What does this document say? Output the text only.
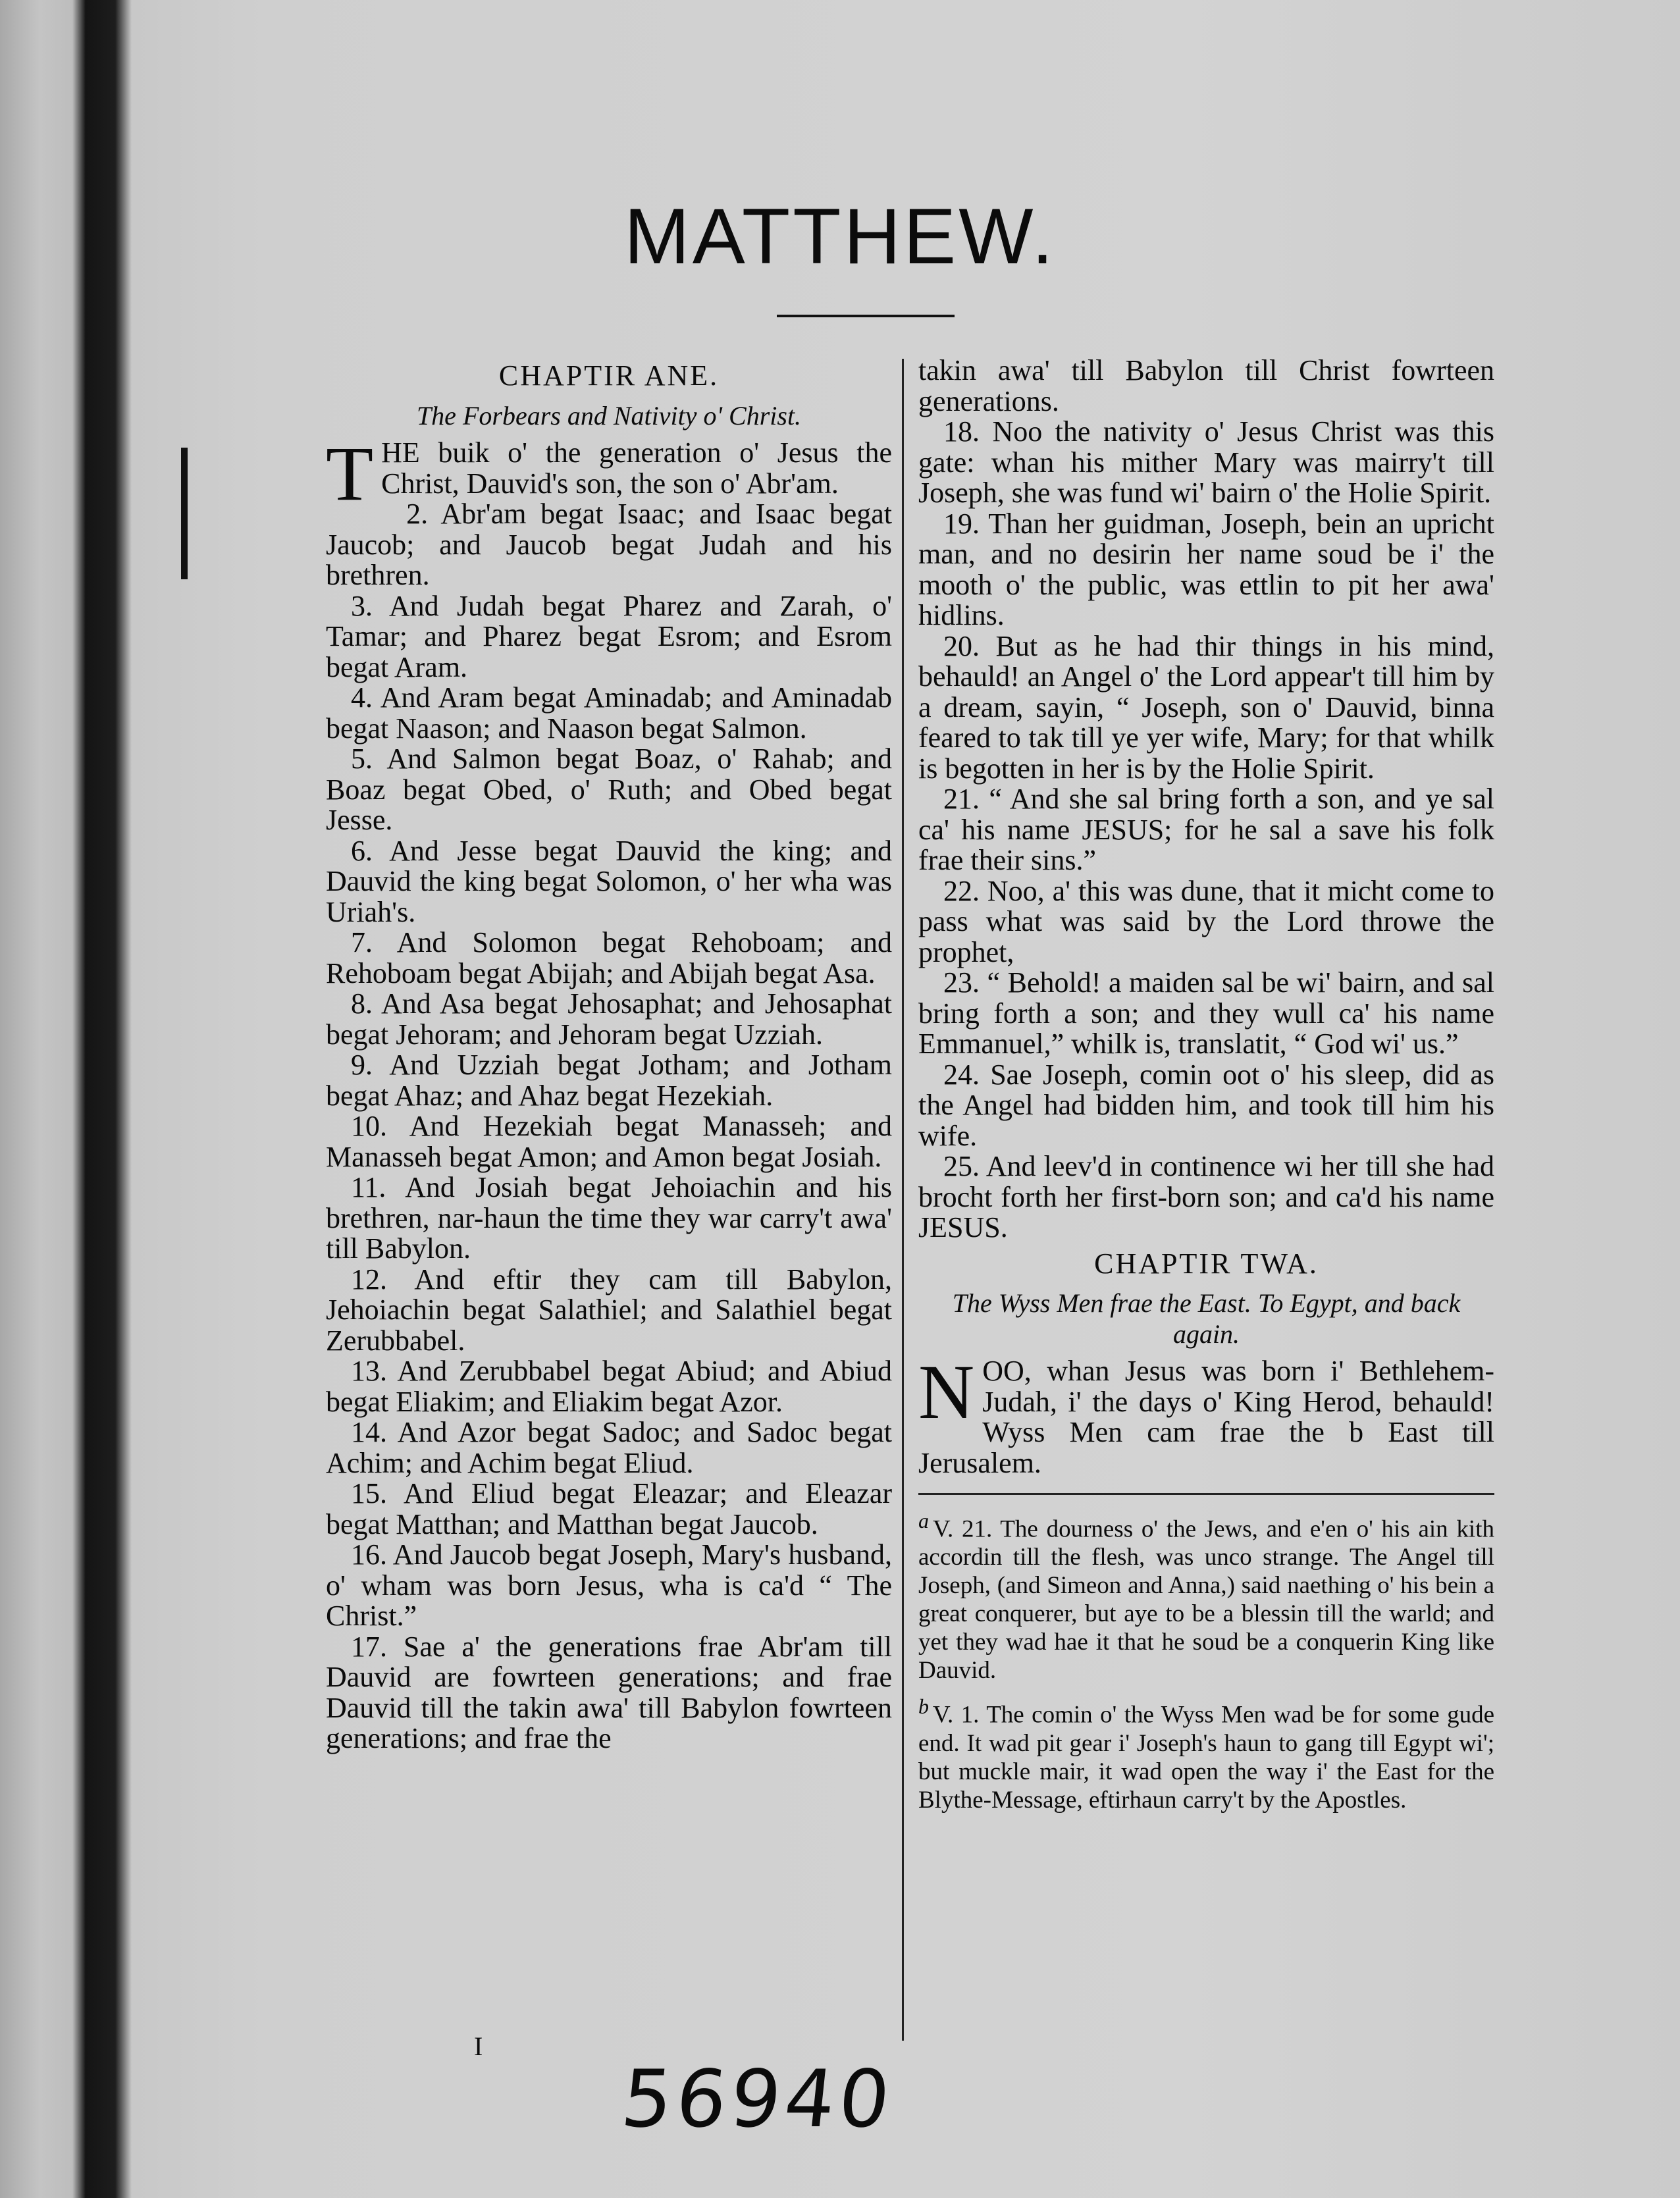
MATTHEW.
CHAPTIR ANE.
The Forbears and Nativity o' Christ.

THE buik o' the generation o' Jesus the Christ, Dauvid's son, the son o' Abr'am.

2. Abr'am begat Isaac; and Isaac begat Jaucob; and Jaucob begat Judah and his brethren.

3. And Judah begat Pharez and Zarah, o' Tamar; and Pharez begat Esrom; and Esrom begat Aram.

4. And Aram begat Aminadab; and Aminadab begat Naason; and Naason begat Salmon.

5. And Salmon begat Boaz, o' Rahab; and Boaz begat Obed, o' Ruth; and Obed begat Jesse.

6. And Jesse begat Dauvid the king; and Dauvid the king begat Solomon, o' her wha was Uriah's.

7. And Solomon begat Rehoboam; and Rehoboam begat Abijah; and Abijah begat Asa.

8. And Asa begat Jehosaphat; and Jehosaphat begat Jehoram; and Jehoram begat Uzziah.

9. And Uzziah begat Jotham; and Jotham begat Ahaz; and Ahaz begat Hezekiah.

10. And Hezekiah begat Manasseh; and Manasseh begat Amon; and Amon begat Josiah.

11. And Josiah begat Jehoiachin and his brethren, nar-haun the time they war carry't awa' till Babylon.

12. And eftir they cam till Babylon, Jehoiachin begat Salathiel; and Salathiel begat Zerubbabel.

13. And Zerubbabel begat Abiud; and Abiud begat Eliakim; and Eliakim begat Azor.

14. And Azor begat Sadoc; and Sadoc begat Achim; and Achim begat Eliud.

15. And Eliud begat Eleazar; and Eleazar begat Matthan; and Matthan begat Jaucob.

16. And Jaucob begat Joseph, Mary's husband, o' wham was born Jesus, wha is ca'd “ The Christ.”

17. Sae a' the generations frae Abr'am till Dauvid are fowrteen generations; and frae Dauvid till the takin awa' till Babylon fowrteen generations; and frae the

takin awa' till Babylon till Christ fowrteen generations.

18. Noo the nativity o' Jesus Christ was this gate: whan his mither Mary was mairry't till Joseph, she was fund wi' bairn o' the Holie Spirit.

19. Than her guidman, Joseph, bein an upricht man, and no desirin her name soud be i' the mooth o' the public, was ettlin to pit her awa' hidlins.

20. But as he had thir things in his mind, behauld! an Angel o' the Lord appear't till him by a dream, sayin, “ Joseph, son o' Dauvid, binna feared to tak till ye yer wife, Mary; for that whilk is begotten in her is by the Holie Spirit.

21. “ And she sal bring forth a son, and ye sal ca' his name JESUS; for he sal a save his folk frae their sins.”

22. Noo, a' this was dune, that it micht come to pass what was said by the Lord throwe the prophet,

23. “ Behold! a maiden sal be wi' bairn, and sal bring forth a son; and they wull ca' his name Emmanuel,” whilk is, translatit, “ God wi' us.”

24. Sae Joseph, comin oot o' his sleep, did as the Angel had bidden him, and took till him his wife.

25. And leev'd in continence wi her till she had brocht forth her first-born son; and ca'd his name JESUS.

CHAPTIR TWA.
The Wyss Men frae the East. To Egypt, and back again.

NOO, whan Jesus was born i' Bethlehem-Judah, i' the days o' King Herod, behauld! Wyss Men cam frae the b East till Jerusalem.

a V. 21. The dourness o' the Jews, and e'en o' his ain kith accordin till the flesh, was unco strange. The Angel till Joseph, (and Simeon and Anna,) said naething o' his bein a great conquerer, but aye to be a blessin till the warld; and yet they wad hae it that he soud be a conquerin King like Dauvid.

b V. 1. The comin o' the Wyss Men wad be for some gude end. It wad pit gear i' Joseph's haun to gang till Egypt wi'; but muckle mair, it wad open the way i' the East for the Blythe-Message, eftirhaun carry't by the Apostles.

I
56940
